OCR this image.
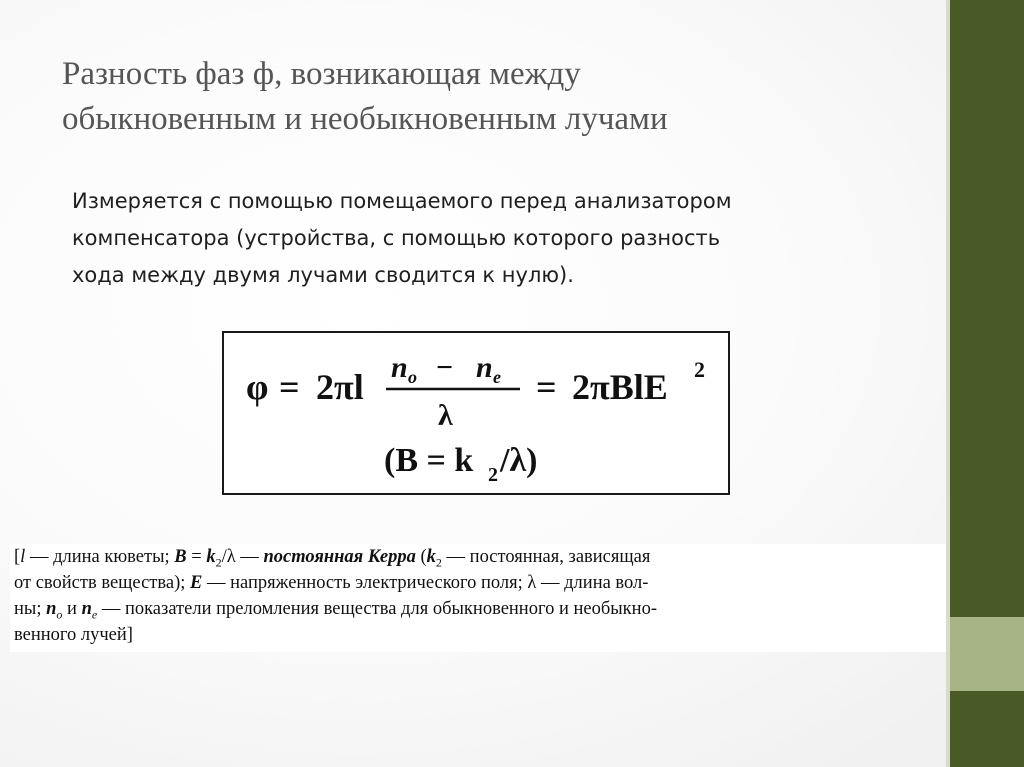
Разность фаз ф, возникающая между
обыкновенным и необыкновенным лучами
Измеряется с помощью помещаемого перед анализатором
компенсатора (устройства, с помощью которого разность
хода между двумя лучами сводится к нулю).
φ = 2πl n o − n e
λ
= 2πBlE 2
(B = k 2 /λ)
[l — длина кюветы; $B = k_2/\lambda$ — постоянная Керра ($k_2$ — постоянная, зависящая
от свойств вещества); E — напряженность электрического поля; λ — длина вол-
ны; $n_o$ и $n_e$ — показатели преломления вещества для обыкновенного и необыкно-
венного лучей]
